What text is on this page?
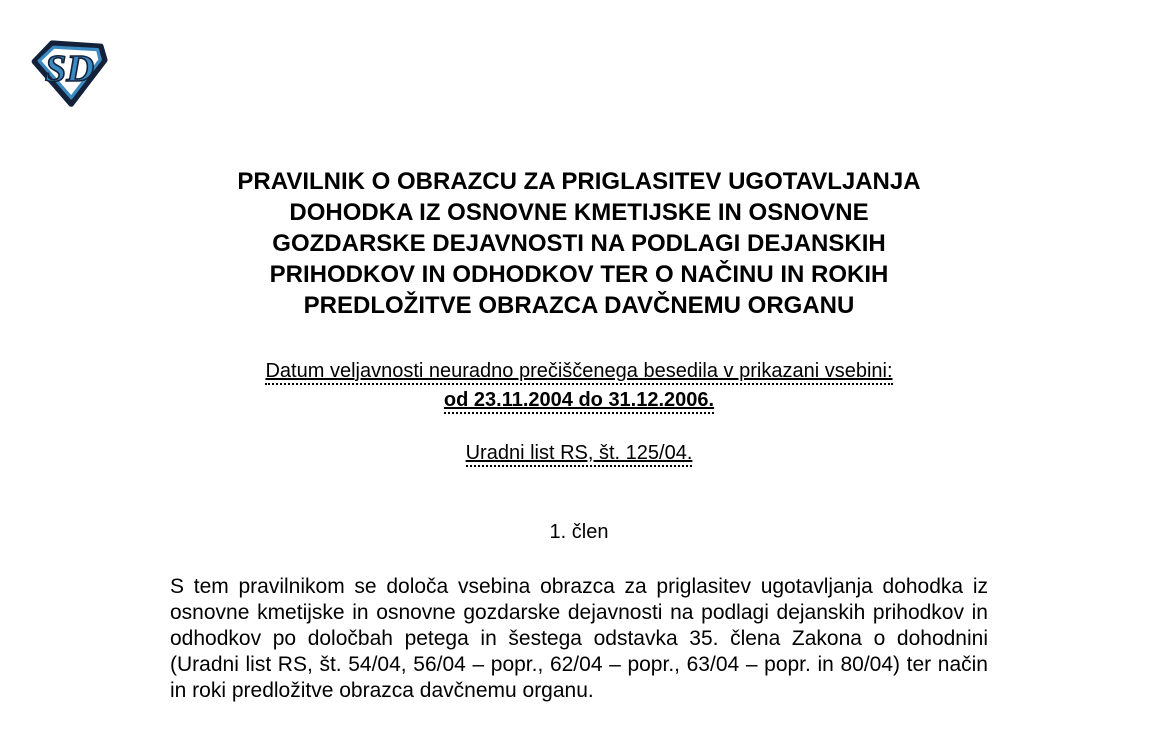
SD
PRAVILNIK O OBRAZCU ZA PRIGLASITEV UGOTAVLJANJA
DOHODKA IZ OSNOVNE KMETIJSKE IN OSNOVNE
GOZDARSKE DEJAVNOSTI NA PODLAGI DEJANSKIH
PRIHODKOV IN ODHODKOV TER O NAČINU IN ROKIH
PREDLOŽITVE OBRAZCA DAVČNEMU ORGANU

Datum veljavnosti neuradno prečiščenega besedila v prikazani vsebini:
od 23.11.2004 do 31.12.2006.

Uradni list RS, št. 125/04.

1. člen

S tem pravilnikom se določa vsebina obrazca za priglasitev ugotavljanja dohodka iz osnovne kmetijske in osnovne gozdarske dejavnosti na podlagi dejanskih prihodkov in odhodkov po določbah petega in šestega odstavka 35. člena Zakona o dohodnini (Uradni list RS, št. 54/04, 56/04 – popr., 62/04 – popr., 63/04 – popr. in 80/04) ter način in roki predložitve obrazca davčnemu organu.
